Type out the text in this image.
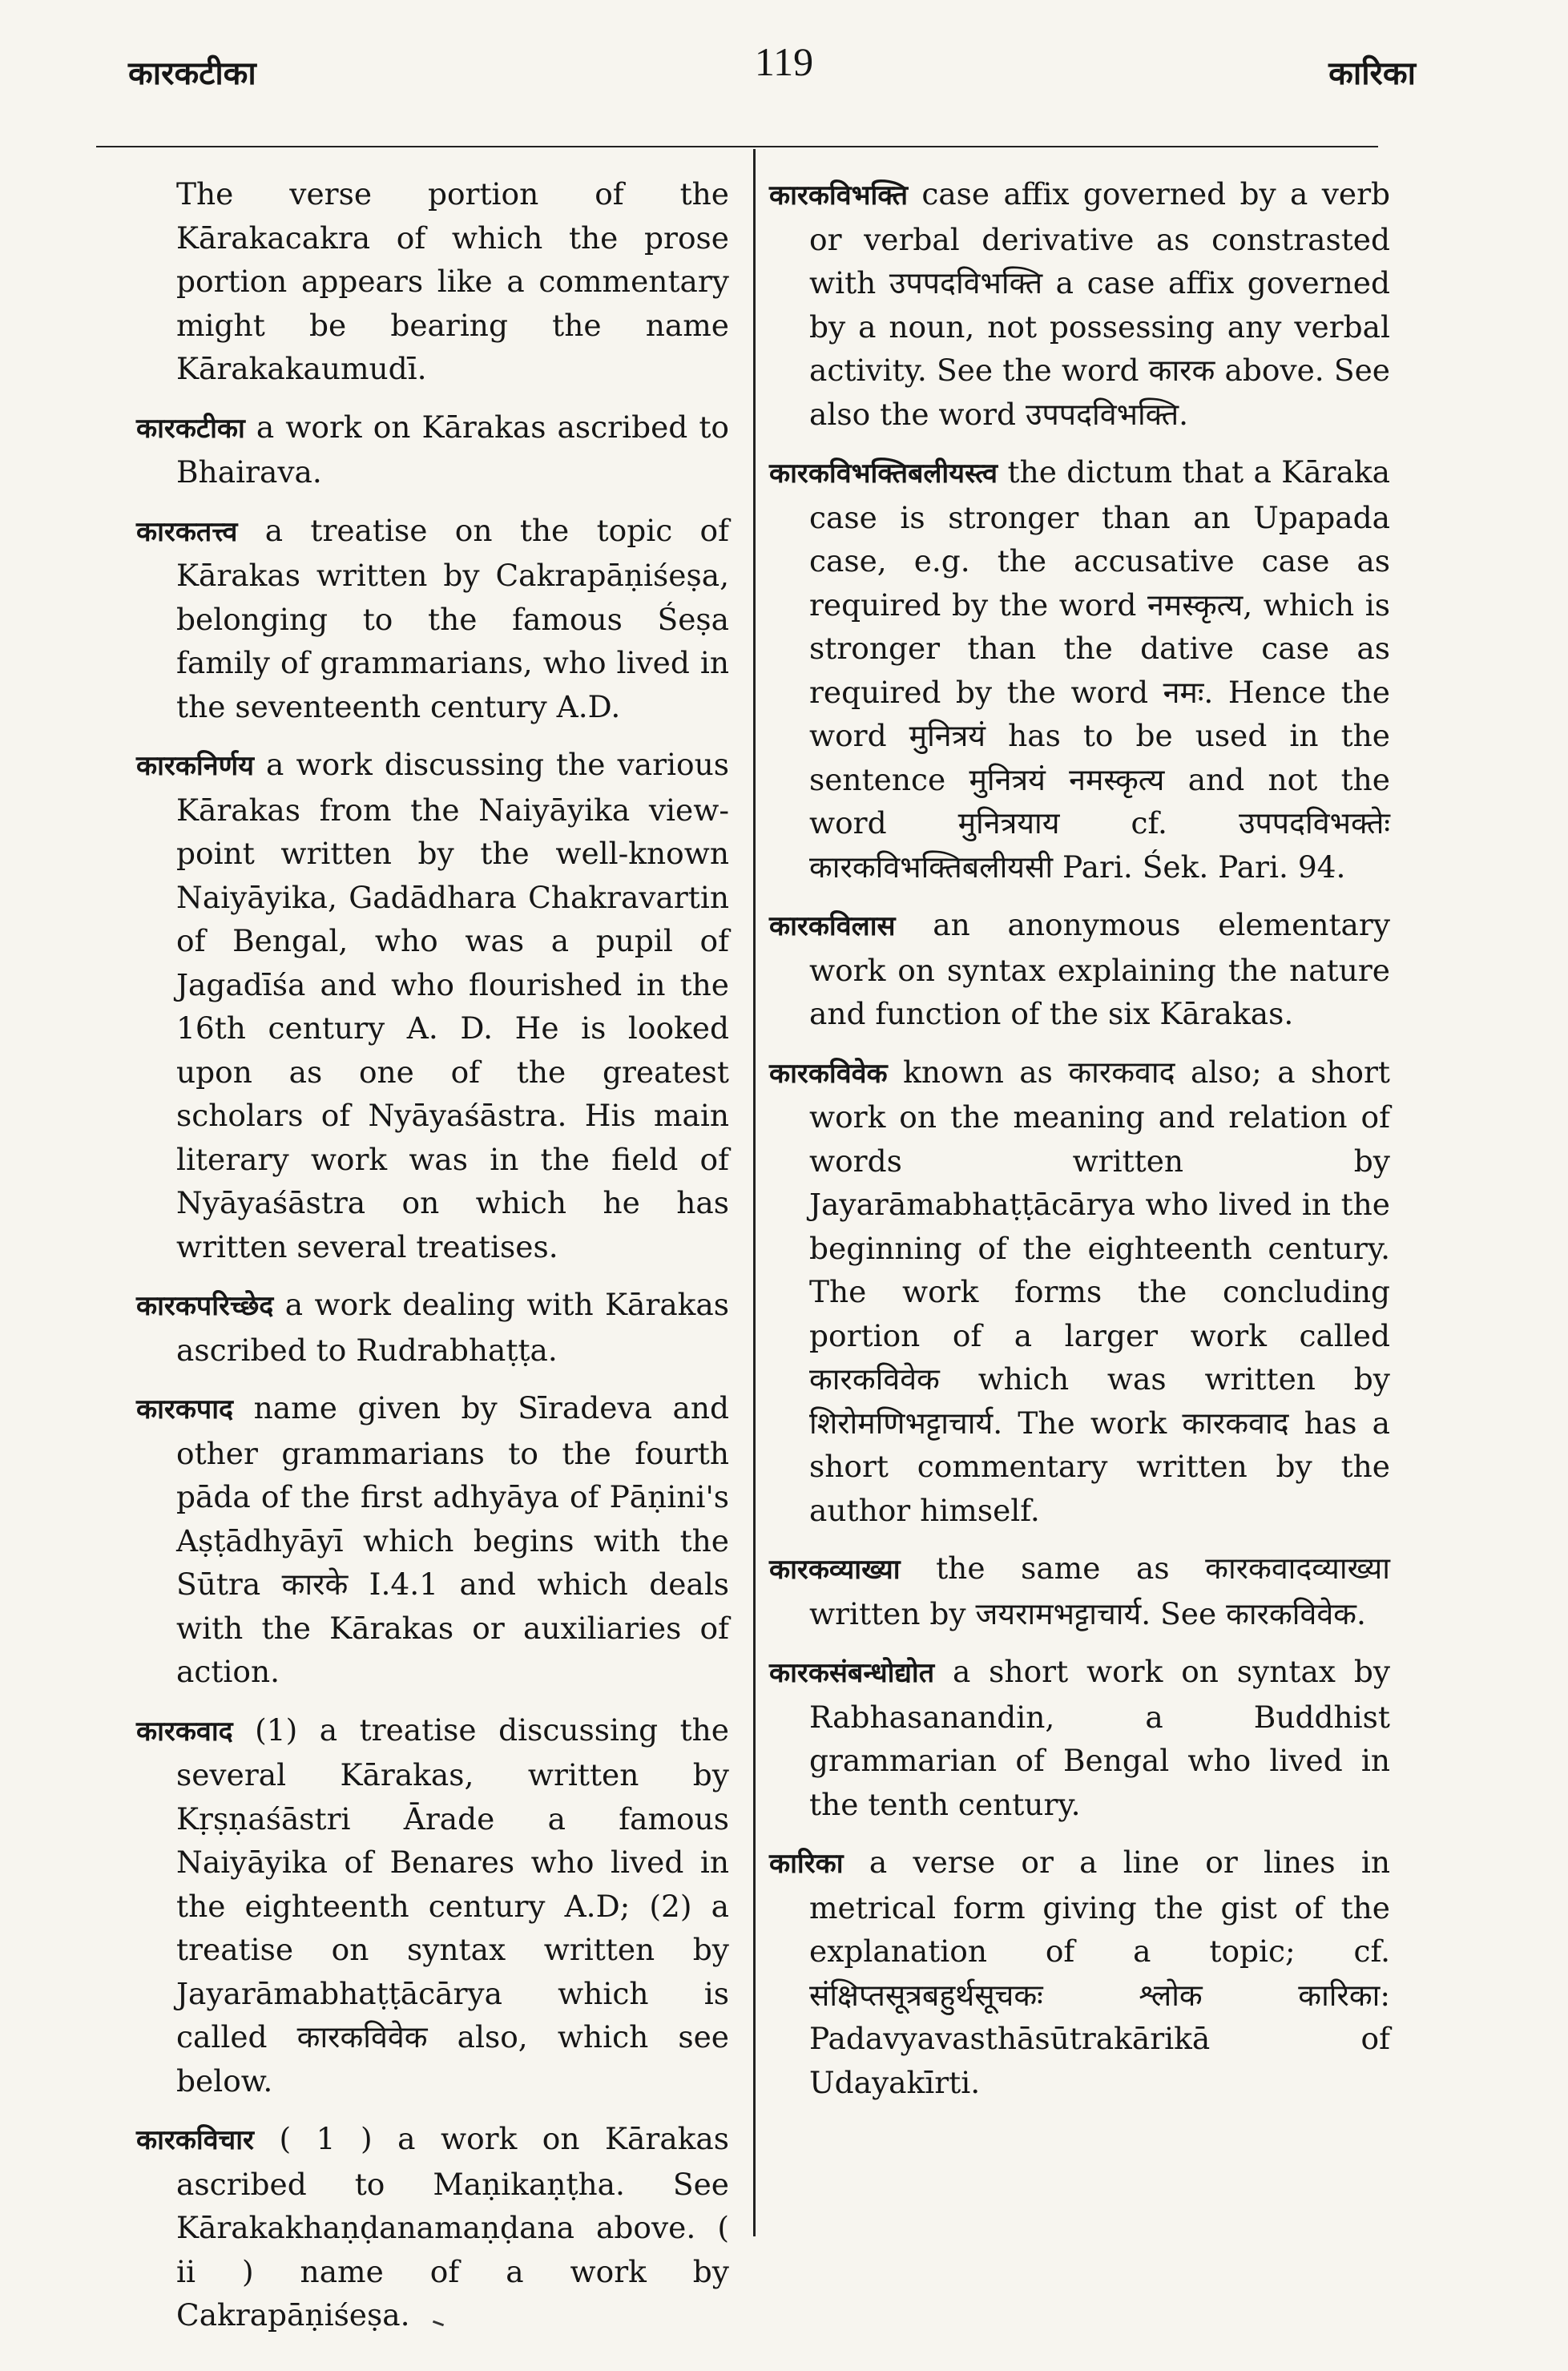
कारकटीका	119	कारिका

The verse portion of the Kārakacakra of which the prose portion appears like a commentary might be bearing the name Kārakakaumudī.

कारकटीका a work on Kārakas ascribed to Bhairava.

कारकतत्त्व a treatise on the topic of Kārakas written by Cakrapāṇiśeṣa, belonging to the famous Śeṣa family of grammarians, who lived in the seventeenth century A.D.

कारकनिर्णय a work discussing the various Kārakas from the Naiyāyika view-point written by the well-known Naiyāyika, Gadādhara Chakravartin of Bengal, who was a pupil of Jagadīśa and who flourished in the 16th century A. D. He is looked upon as one of the greatest scholars of Nyāyaśāstra. His main literary work was in the field of Nyāyaśāstra on which he has written several treatises.

कारकपरिच्छेद a work dealing with Kārakas ascribed to Rudrabhaṭṭa.

कारकपाद name given by Sīradeva and other grammarians to the fourth pāda of the first adhyāya of Pāṇini's Aṣṭādhyāyī which begins with the Sūtra कारके I.4.1 and which deals with the Kārakas or auxiliaries of action.

कारकवाद (1) a treatise discussing the several Kārakas, written by Kṛṣṇaśāstri Ārade a famous Naiyāyika of Benares who lived in the eighteenth century A.D; (2) a treatise on syntax written by Jayarāmabhaṭṭācārya which is called कारकविवेक also, which see below.

कारकविचार ( 1 ) a work on Kārakas ascribed to Maṇikaṇṭha. See Kārakakhaṇḍanamaṇḍana above. ( ii ) name of a work by Cakrapāṇiśeṣa.

कारकविभक्ति case affix governed by a verb or verbal derivative as constrasted with उपपदविभक्ति a case affix governed by a noun, not possessing any verbal activity. See the word कारक above. See also the word उपपदविभक्ति.

कारकविभक्तिबलीयस्त्व the dictum that a Kāraka case is stronger than an Upapada case, e.g. the accusative case as required by the word नमस्कृत्य, which is stronger than the dative case as required by the word नमः. Hence the word मुनित्रयं has to be used in the sentence मुनित्रयं नमस्कृत्य and not the word मुनित्रयाय cf. उपपदविभक्तेः कारकविभक्तिबलीयसी Pari. Śek. Pari. 94.

कारकविलास an anonymous elementary work on syntax explaining the nature and function of the six Kārakas.

कारकविवेक known as कारकवाद also; a short work on the meaning and relation of words written by Jayarāmabhaṭṭācārya who lived in the beginning of the eighteenth century. The work forms the concluding portion of a larger work called कारकविवेक which was written by शिरोमणिभट्टाचार्य. The work कारकवाद has a short commentary written by the author himself.

कारकव्याख्या the same as कारकवादव्याख्या written by जयरामभट्टाचार्य. See कारकविवेक.

कारकसंबन्धोद्योत a short work on syntax by Rabhasanandin, a Buddhist grammarian of Bengal who lived in the tenth century.

कारिका a verse or a line or lines in metrical form giving the gist of the explanation of a topic; cf. संक्षिप्तसूत्रबहुर्थसूचकः श्लोक कारिका: Padavyavasthāsūtrakārikā of Udayakīrti.
